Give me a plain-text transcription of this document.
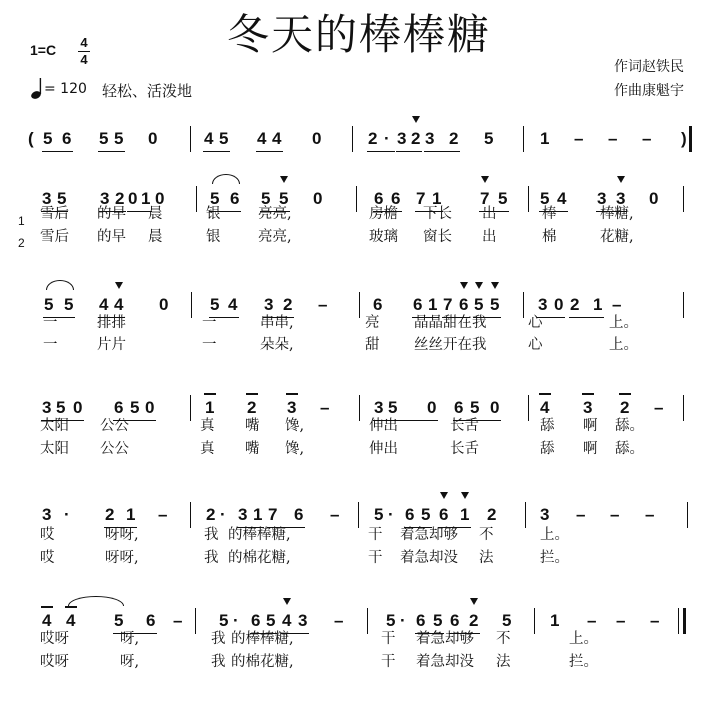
冬天的棒棒糖
1=C 4
4
= 120 轻松、活泼地
作词赵铁民
作曲康魁宇
1
2
( 5 6 5 5 0	4 5 4 4 0	2 · 3 2 3 2 5	1 – – – )
3 5 3 2 0 1 0	5 6 5 5 0	6 6 7 1 7 5 5 4 3 3 0
雪后 的早 晨	银	亮亮,	房檐 下长 出	棒	棒糖,
雪后 的早 晨	银	亮亮,	玻璃 窗长 出	棉	花糖,
5 5 4 4 0 5 4 3 2 –	6 6 1 7 6 5 5 3 0 2 1 –
一	排排	一	串串,	亮 晶晶甜在我	心	上。
一	片片	一	朵朵,	甜 丝丝开在我	心	上。
3 5 0 6 5 0	1 2 3 –	3 5 0 6 5 0 4 3 2 –
太阳 公公	真 嘴 馋,	伸出	长舌	舔 啊 舔。
太阳 公公	真 嘴 馋,	伸出	长舌	舔 啊 舔。
3 · 2 1 – 2 · 3 1 7 6 – 5 · 6 5 6 1 2	3 – – –
哎	呀呀,	我 的棒棒糖,	干 着急却够 不	上。
哎	呀呀,	我 的棉花糖,	干 着急却没 法	拦。
4 4 5 6 – 5 · 6 5 4 3 –	5 · 6 5 6 2 5 1 – – –
哎呀	呀,	我 的棒棒糖,	干 着急却够 不	上。
哎呀	呀,	我 的棉花糖,	干 着急却没 法	拦。
